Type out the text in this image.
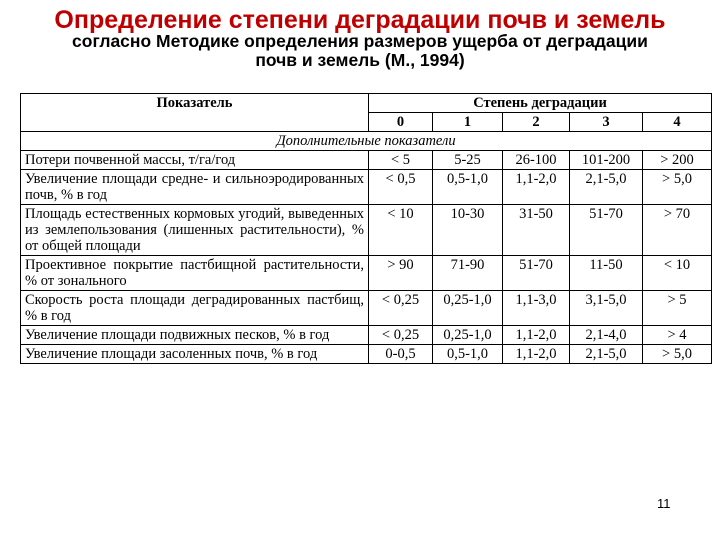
Определение степени деградации почв и земель
согласно Методике определения размеров ущерба от деградации
почв и земель (М., 1994)
Показатель	Степень деградации				
	0	1	2	3	4
Дополнительные показатели					
Потери почвенной массы, т/га/год	< 5	5-25	26-100	101-200	> 200
Увеличение площади средне- и сильноэродированных почв, % в год	< 0,5	0,5-1,0	1,1-2,0	2,1-5,0	> 5,0
Площадь естественных кормовых угодий, выведенных из землепользования (лишенных растительности), % от общей площади	< 10	10-30	31-50	51-70	> 70
Проективное покрытие пастбищной растительности, % от зонального	> 90	71-90	51-70	11-50	< 10
Скорость роста площади деградированных пастбищ, % в год	< 0,25	0,25-1,0	1,1-3,0	3,1-5,0	> 5
Увеличение площади подвижных песков, % в год	< 0,25	0,25-1,0	1,1-2,0	2,1-4,0	> 4
Увеличение площади засоленных почв, % в год	0-0,5	0,5-1,0	1,1-2,0	2,1-5,0	> 5,0
11
